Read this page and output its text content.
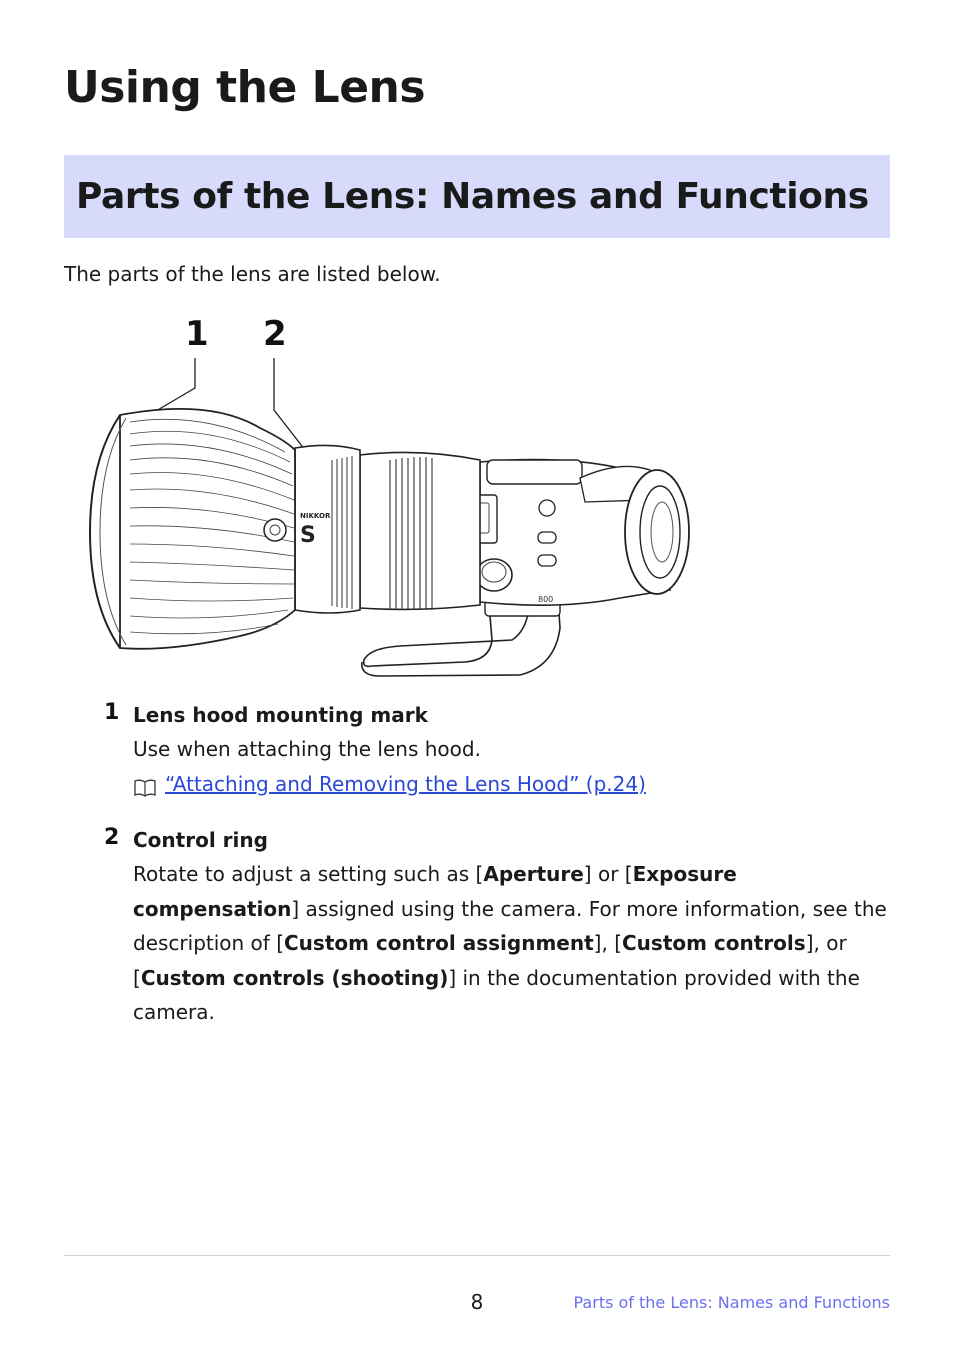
Using the Lens
Parts of the Lens: Names and Functions

The parts of the lens are listed below.

1 2
800
NIKKOR
S
1 Lens hood mounting mark

Use when attaching the lens hood.

“Attaching and Removing the Lens Hood” (p.24)

2 Control ring

Rotate to adjust a setting such as [Aperture] or [Exposure compensation] assigned using the camera. For more information, see the description of [Custom control assignment], [Custom controls], or [Custom controls (shooting)] in the documentation provided with the camera.

8	Parts of the Lens: Names and Functions
